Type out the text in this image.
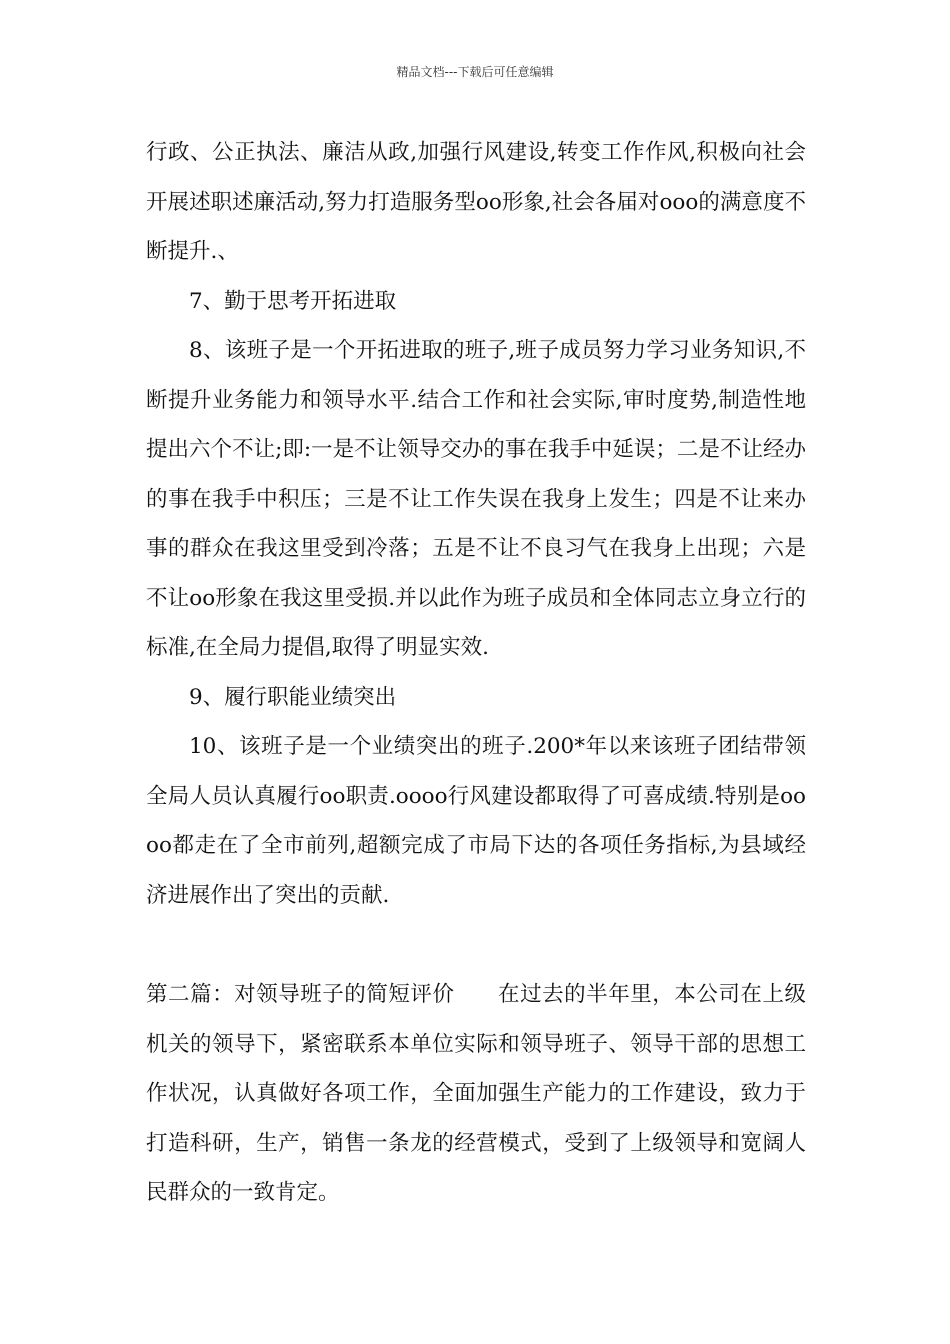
精品文档---下载后可任意编辑

行政、公正执法、廉洁从政,加强行风建设,转变工作作风,积极向社会开展述职述廉活动,努力打造服务型oo形象,社会各届对ooo的满意度不断提升.、

7、勤于思考开拓进取

8、该班子是一个开拓进取的班子,班子成员努力学习业务知识,不断提升业务能力和领导水平.结合工作和社会实际,审时度势,制造性地提出六个不让;即:一是不让领导交办的事在我手中延误；二是不让经办的事在我手中积压；三是不让工作失误在我身上发生；四是不让来办事的群众在我这里受到冷落；五是不让不良习气在我身上出现；六是不让oo形象在我这里受损.并以此作为班子成员和全体同志立身立行的标准,在全局力提倡,取得了明显实效.

9、履行职能业绩突出

10、该班子是一个业绩突出的班子.200*年以来该班子团结带领全局人员认真履行oo职责.oooo行风建设都取得了可喜成绩.特别是oooo都走在了全市前列,超额完成了市局下达的各项任务指标,为县域经济进展作出了突出的贡献.

第二篇：对领导班子的简短评价   在过去的半年里，本公司在上级机关的领导下，紧密联系本单位实际和领导班子、领导干部的思想工作状况，认真做好各项工作，全面加强生产能力的工作建设，致力于打造科研，生产，销售一条龙的经营模式，受到了上级领导和宽阔人民群众的一致肯定。
